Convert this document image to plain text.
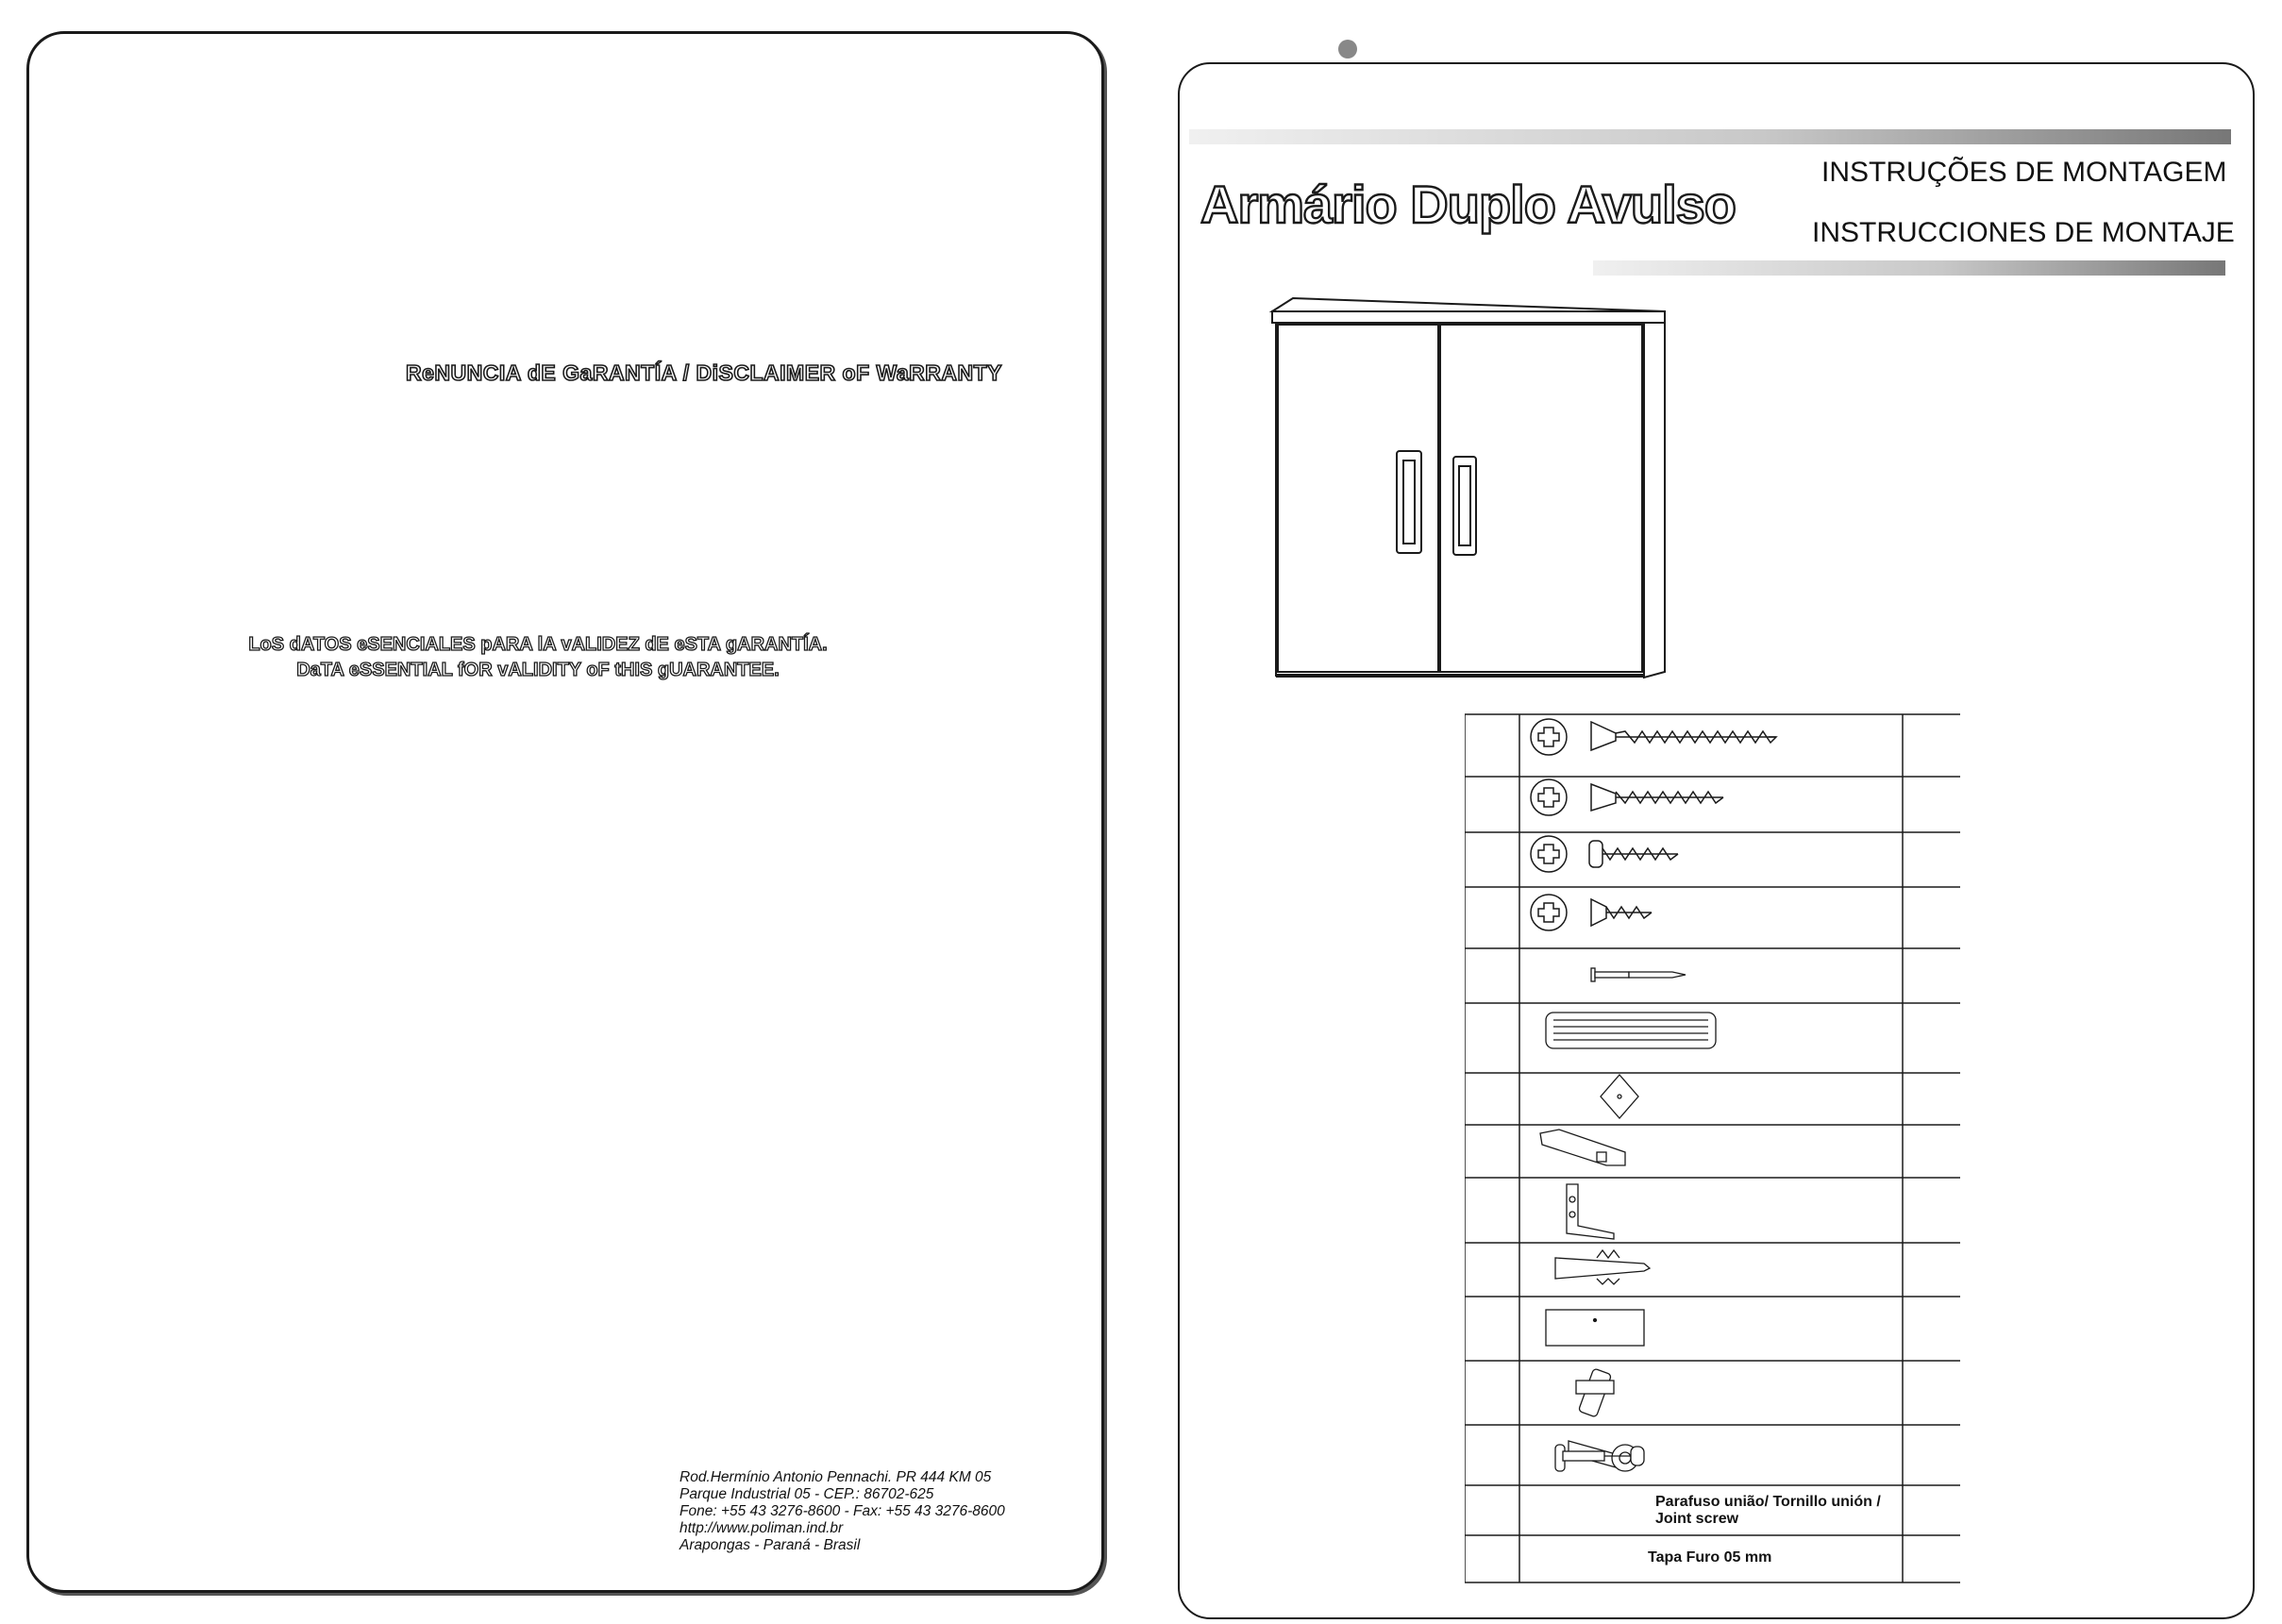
ReNUNCIA dE GaRANTÍA / DiSCLAIMER oF WaRRANTY
LoS dATOS eSENCIALES pARA lA vALIDEZ dE eSTA gARANTÍA.
DaTA eSSENTIAL fOR vALIDITY oF tHIS gUARANTEE.
Rod.Hermínio Antonio Pennachi. PR 444 KM 05
Parque Industrial 05 - CEP.: 86702-625
Fone: +55 43 3276-8600 - Fax: +55 43 3276-8600
http://www.poliman.ind.br
Arapongas - Paraná - Brasil
Armário Duplo Avulso
INSTRUÇÕES DE MONTAGEM
INSTRUCCIONES DE MONTAJE
Parafuso união/ Tornillo unión /
Joint screw
Tapa Furo 05 mm
